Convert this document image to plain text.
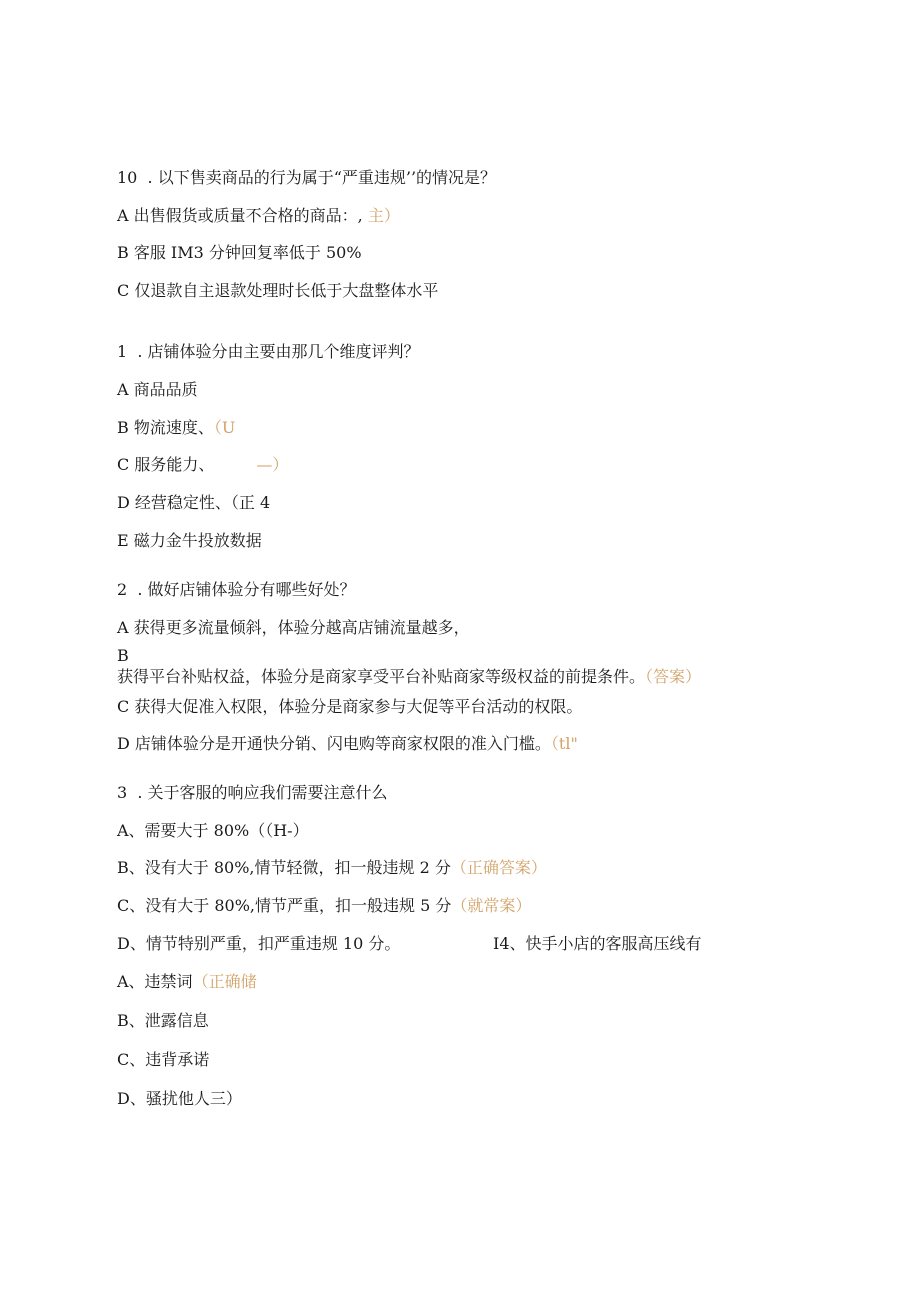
10  . 以下售卖商品的行为属于“严重违规’’的情况是？
A 出售假货或质量不合格的商品：, 主）
B 客服 IM3 分钟回复率低于 50%
C 仅退款自主退款处理时长低于大盘整体水平
1  . 店铺体验分由主要由那几个维度评判？
A 商品品质
B 物流速度、（U
C 服务能力、	—）
D 经营稳定性、（正 4
E 磁力金牛投放数据
2  . 做好店铺体验分有哪些好处？
A 获得更多流量倾斜，体验分越高店铺流量越多，
B
获得平台补贴权益，体验分是商家享受平台补贴商家等级权益的前提条件。（答案）
C 获得大促准入权限，体验分是商家参与大促等平台活动的权限。
D 店铺体验分是开通快分销、闪电购等商家权限的准入门槛。（tl"
3  . 关于客服的响应我们需要注意什么
A、需要大于 80%（（H-）
B、没有大于 80%,情节轻微，扣一般违规 2 分（正确答案）
C、没有大于 80%,情节严重，扣一般违规 5 分（就常案）
D、情节特别严重，扣严重违规 10 分。	I4、快手小店的客服高压线有
A、违禁词（正确储
B、泄露信息
C、违背承诺
D、骚扰他人三）
